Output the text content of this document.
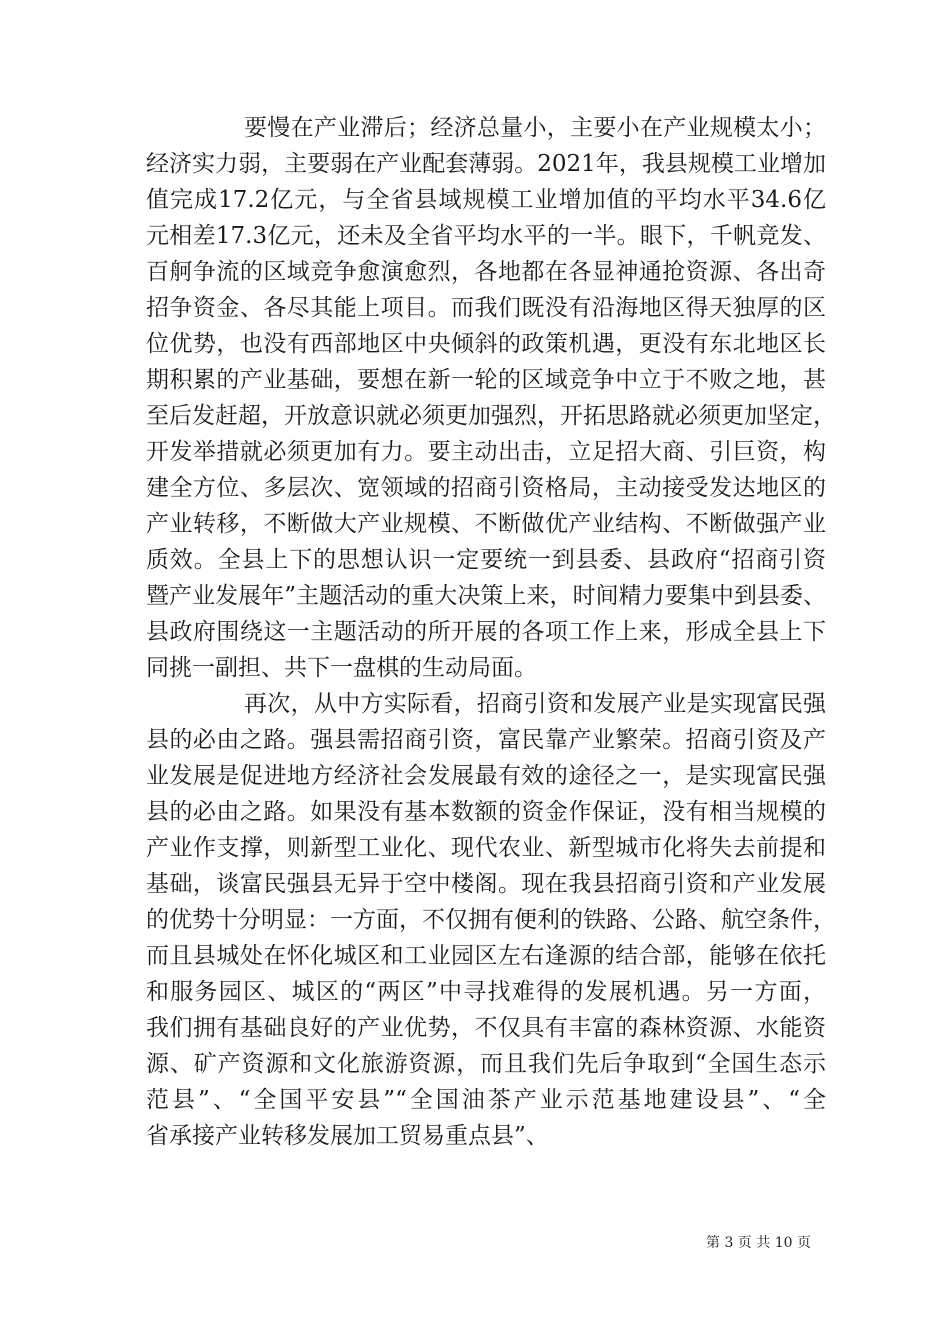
要慢在产业滞后；经济总量小，主要小在产业规模太小；
经济实力弱，主要弱在产业配套薄弱。2021年，我县规模工业增加
值完成17.2亿元，与全省县域规模工业增加值的平均水平34.6亿
元相差17.3亿元，还未及全省平均水平的一半。眼下，千帆竞发、
百舸争流的区域竞争愈演愈烈，各地都在各显神通抢资源、各出奇
招争资金、各尽其能上项目。而我们既没有沿海地区得天独厚的区
位优势，也没有西部地区中央倾斜的政策机遇，更没有东北地区长
期积累的产业基础，要想在新一轮的区域竞争中立于不败之地，甚
至后发赶超，开放意识就必须更加强烈，开拓思路就必须更加坚定，
开发举措就必须更加有力。要主动出击，立足招大商、引巨资，构
建全方位、多层次、宽领域的招商引资格局，主动接受发达地区的
产业转移，不断做大产业规模、不断做优产业结构、不断做强产业
质效。全县上下的思想认识一定要统一到县委、县政府“招商引资
暨产业发展年”主题活动的重大决策上来，时间精力要集中到县委、
县政府围绕这一主题活动的所开展的各项工作上来，形成全县上下
同挑一副担、共下一盘棋的生动局面。
再次，从中方实际看，招商引资和发展产业是实现富民强
县的必由之路。强县需招商引资，富民靠产业繁荣。招商引资及产
业发展是促进地方经济社会发展最有效的途径之一，是实现富民强
县的必由之路。如果没有基本数额的资金作保证，没有相当规模的
产业作支撑，则新型工业化、现代农业、新型城市化将失去前提和
基础，谈富民强县无异于空中楼阁。现在我县招商引资和产业发展
的优势十分明显：一方面，不仅拥有便利的铁路、公路、航空条件，
而且县城处在怀化城区和工业园区左右逢源的结合部，能够在依托
和服务园区、城区的“两区”中寻找难得的发展机遇。另一方面，
我们拥有基础良好的产业优势，不仅具有丰富的森林资源、水能资
源、矿产资源和文化旅游资源，而且我们先后争取到“全国生态示
范县”、“全国平安县”“全国油茶产业示范基地建设县”、“全
省承接产业转移发展加工贸易重点县”、
第 3 页 共 10 页
